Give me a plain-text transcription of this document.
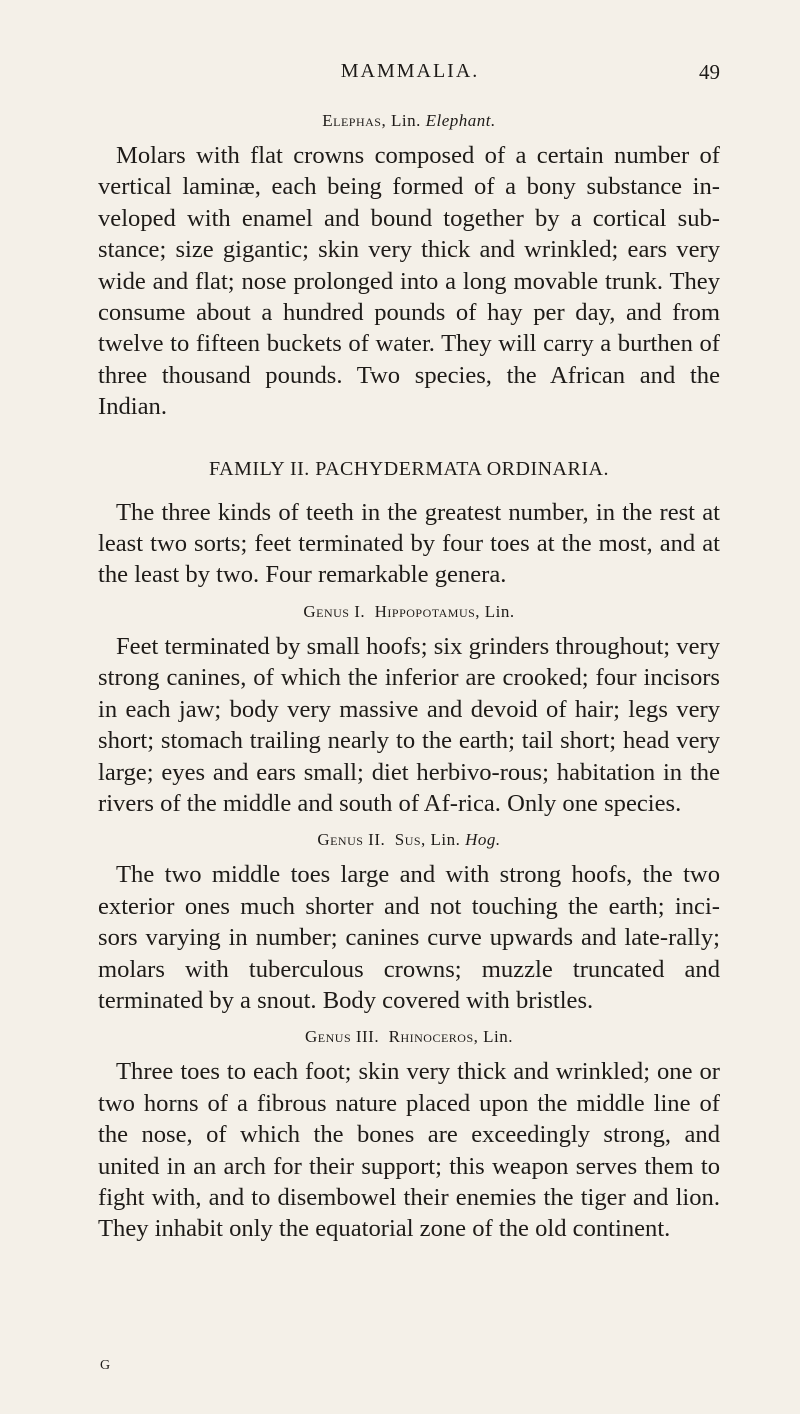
MAMMALIA.	49

Elephas, Lin. Elephant.

Molars with flat crowns composed of a certain number of vertical laminæ, each being formed of a bony substance in-veloped with enamel and bound together by a cortical sub-stance; size gigantic; skin very thick and wrinkled; ears very wide and flat; nose prolonged into a long movable trunk. They consume about a hundred pounds of hay per day, and from twelve to fifteen buckets of water. They will carry a burthen of three thousand pounds. Two species, the African and the Indian.

FAMILY II. PACHYDERMATA ORDINARIA.

The three kinds of teeth in the greatest number, in the rest at least two sorts; feet terminated by four toes at the most, and at the least by two. Four remarkable genera.

Genus I. Hippopotamus, Lin.

Feet terminated by small hoofs; six grinders throughout; very strong canines, of which the inferior are crooked; four incisors in each jaw; body very massive and devoid of hair; legs very short; stomach trailing nearly to the earth; tail short; head very large; eyes and ears small; diet herbivo-rous; habitation in the rivers of the middle and south of Af-rica. Only one species.

Genus II. Sus, Lin. Hog.

The two middle toes large and with strong hoofs, the two exterior ones much shorter and not touching the earth; inci-sors varying in number; canines curve upwards and late-rally; molars with tuberculous crowns; muzzle truncated and terminated by a snout. Body covered with bristles.

Genus III. Rhinoceros, Lin.

Three toes to each foot; skin very thick and wrinkled; one or two horns of a fibrous nature placed upon the middle line of the nose, of which the bones are exceedingly strong, and united in an arch for their support; this weapon serves them to fight with, and to disembowel their enemies the tiger and lion. They inhabit only the equatorial zone of the old continent.

G
